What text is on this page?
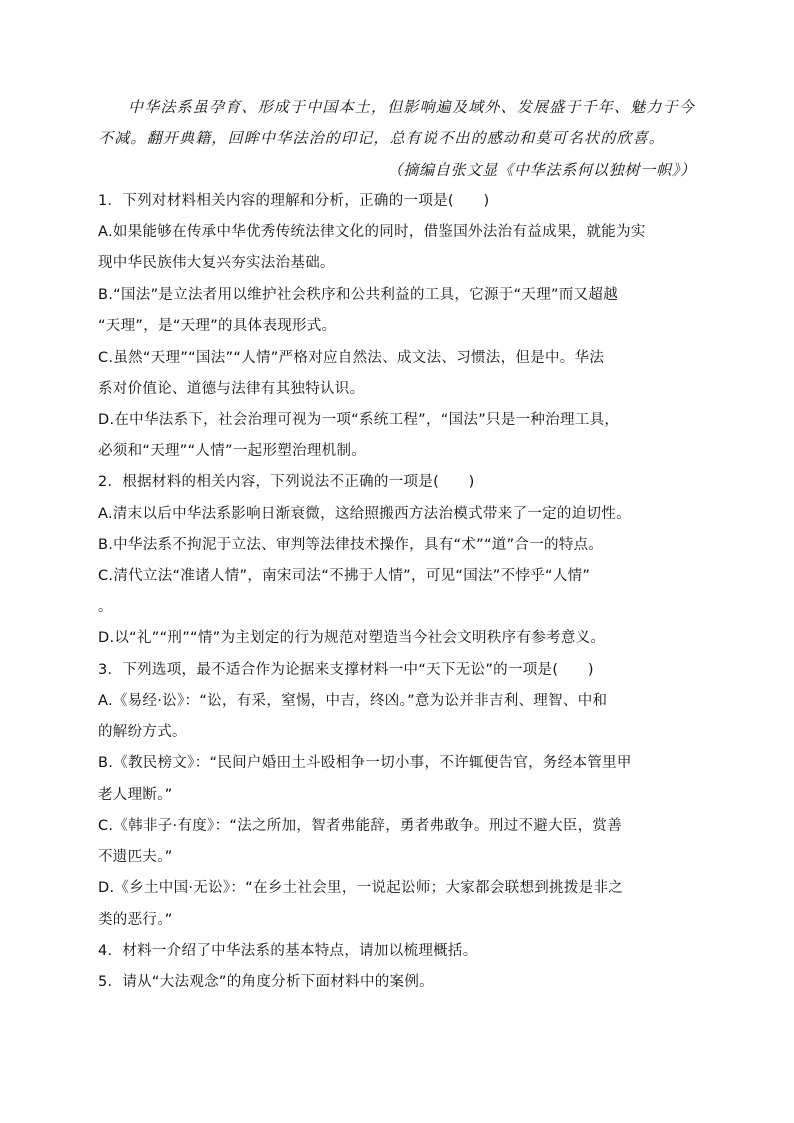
中华法系虽孕育、形成于中国本土，但影响遍及域外、发展盛于千年、魅力于今

不减。翻开典籍，回眸中华法治的印记，总有说不出的感动和莫可名状的欣喜。

（摘编自张文显《中华法系何以独树一帜》）

1．下列对材料相关内容的理解和分析，正确的一项是(　　)

A.如果能够在传承中华优秀传统法律文化的同时，借鉴国外法治有益成果，就能为实

现中华民族伟大复兴夯实法治基础。

B.“国法”是立法者用以维护社会秩序和公共利益的工具，它源于“天理”而又超越

“天理”，是“天理”的具体表现形式。

C.虽然“天理”“国法”“人情”严格对应自然法、成文法、习惯法，但是中。华法

系对价值论、道德与法律有其独特认识。

D.在中华法系下，社会治理可视为一项“系统工程”，“国法”只是一种治理工具，

必须和“天理”“人情”一起形塑治理机制。

2．根据材料的相关内容，下列说法不正确的一项是(　　)

A.清末以后中华法系影响日渐衰微，这给照搬西方法治模式带来了一定的迫切性。

B.中华法系不拘泥于立法、审判等法律技术操作，具有“术”“道”合一的特点。

C.清代立法“准诸人情”，南宋司法“不拂于人情”，可见“国法”不悖乎“人情”

。

D.以“礼”“刑”“情”为主划定的行为规范对塑造当今社会文明秩序有参考意义。

3．下列选项，最不适合作为论据来支撑材料一中“天下无讼”的一项是(　　)

A.《易经·讼》：“讼，有采，窒惕，中吉，终凶。”意为讼并非吉利、理智、中和

的解纷方式。

B.《教民榜文》：“民间户婚田土斗殴相争一切小事，不许辄便告官，务经本管里甲

老人理断。”

C.《韩非子·有度》：“法之所加，智者弗能辞，勇者弗敢争。刑过不避大臣，赏善

不遗匹夫。”

D.《乡土中国·无讼》：“在乡土社会里，一说起讼师；大家都会联想到挑拨是非之

类的恶行。”

4．材料一介绍了中华法系的基本特点，请加以梳理概括。

5．请从“大法观念”的角度分析下面材料中的案例。
